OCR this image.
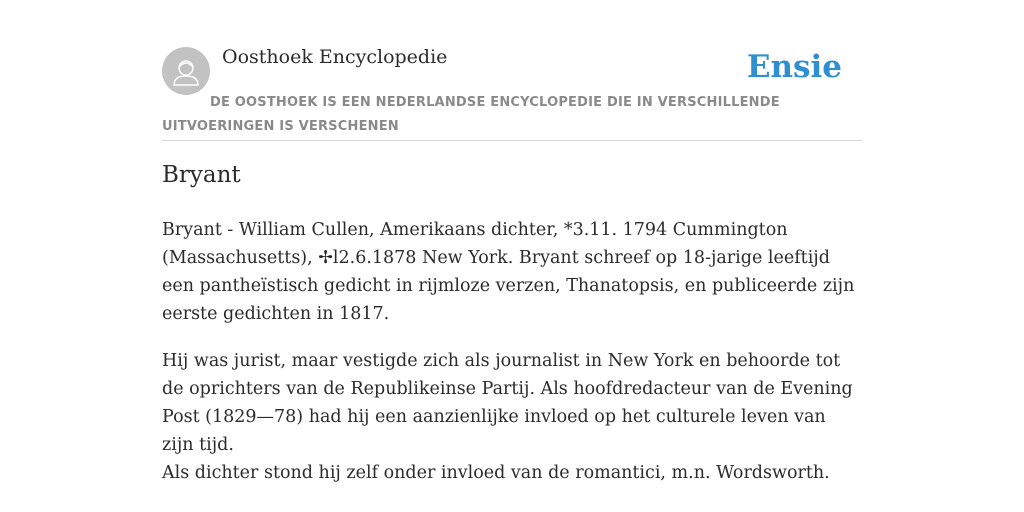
Oosthoek Encyclopedie	Ensie
DE OOSTHOEK IS EEN NEDERLANDSE ENCYCLOPEDIE DIE IN VERSCHILLENDE UITVOERINGEN IS VERSCHENEN
Bryant

Bryant - William Cullen, Amerikaans dichter, *3.11. 1794 Cummington (Massachusetts), ✢l2.6.1878 New York. Bryant schreef op 18-jarige leeftijd een pantheïstisch gedicht in rijmloze verzen, Thanatopsis, en publiceerde zijn eerste gedichten in 1817.

Hij was jurist, maar vestigde zich als journalist in New York en behoorde tot de oprichters van de Republikeinse Partij. Als hoofdredacteur van de Evening Post (1829—78) had hij een aanzienlijke invloed op het culturele leven van zijn tijd.

Als dichter stond hij zelf onder invloed van de romantici, m.n. Wordsworth.
